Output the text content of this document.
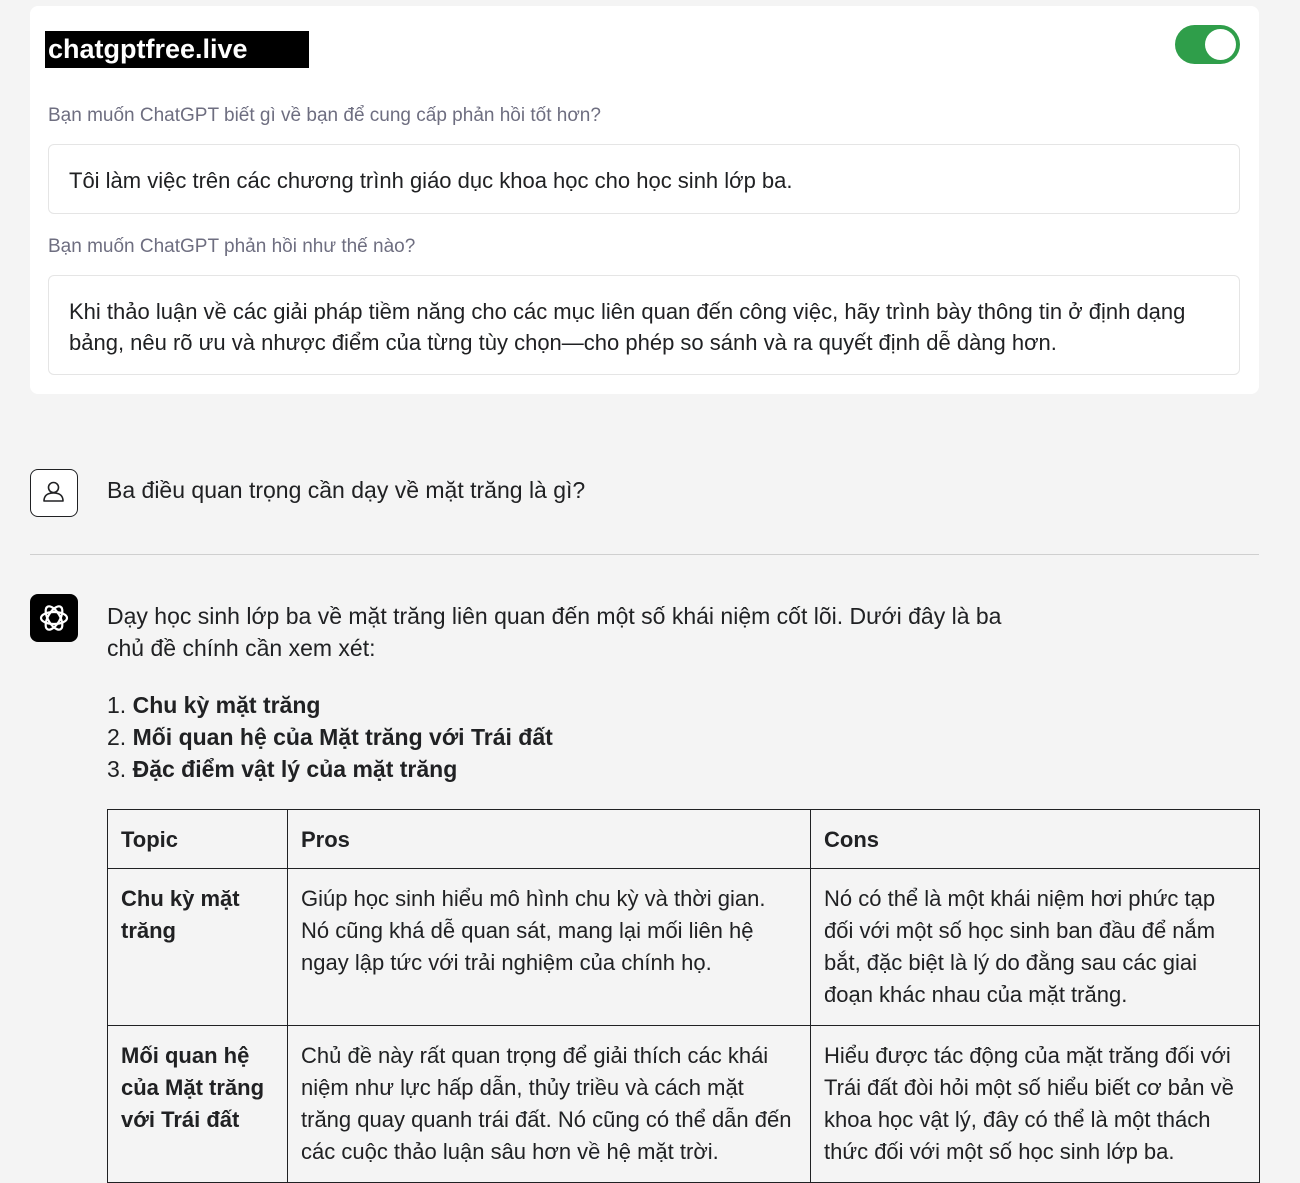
chatgptfree.live
Bạn muốn ChatGPT biết gì về bạn để cung cấp phản hồi tốt hơn?
Tôi làm việc trên các chương trình giáo dục khoa học cho học sinh lớp ba.
Bạn muốn ChatGPT phản hồi như thế nào?
Khi thảo luận về các giải pháp tiềm năng cho các mục liên quan đến công việc, hãy trình bày thông tin ở định dạng bảng, nêu rõ ưu và nhược điểm của từng tùy chọn—cho phép so sánh và ra quyết định dễ dàng hơn.
Ba điều quan trọng cần dạy về mặt trăng là gì?
Dạy học sinh lớp ba về mặt trăng liên quan đến một số khái niệm cốt lõi. Dưới đây là ba chủ đề chính cần xem xét:
1. Chu kỳ mặt trăng
2. Mối quan hệ của Mặt trăng với Trái đất
3. Đặc điểm vật lý của mặt trăng
Topic	Pros	Cons
Chu kỳ mặt trăng	Giúp học sinh hiểu mô hình chu kỳ và thời gian. Nó cũng khá dễ quan sát, mang lại mối liên hệ ngay lập tức với trải nghiệm của chính họ.	Nó có thể là một khái niệm hơi phức tạp đối với một số học sinh ban đầu để nắm bắt, đặc biệt là lý do đằng sau các giai đoạn khác nhau của mặt trăng.
Mối quan hệ của Mặt trăng với Trái đất	Chủ đề này rất quan trọng để giải thích các khái niệm như lực hấp dẫn, thủy triều và cách mặt trăng quay quanh trái đất. Nó cũng có thể dẫn đến các cuộc thảo luận sâu hơn về hệ mặt trời.	Hiểu được tác động của mặt trăng đối với Trái đất đòi hỏi một số hiểu biết cơ bản về khoa học vật lý, đây có thể là một thách thức đối với một số học sinh lớp ba.
